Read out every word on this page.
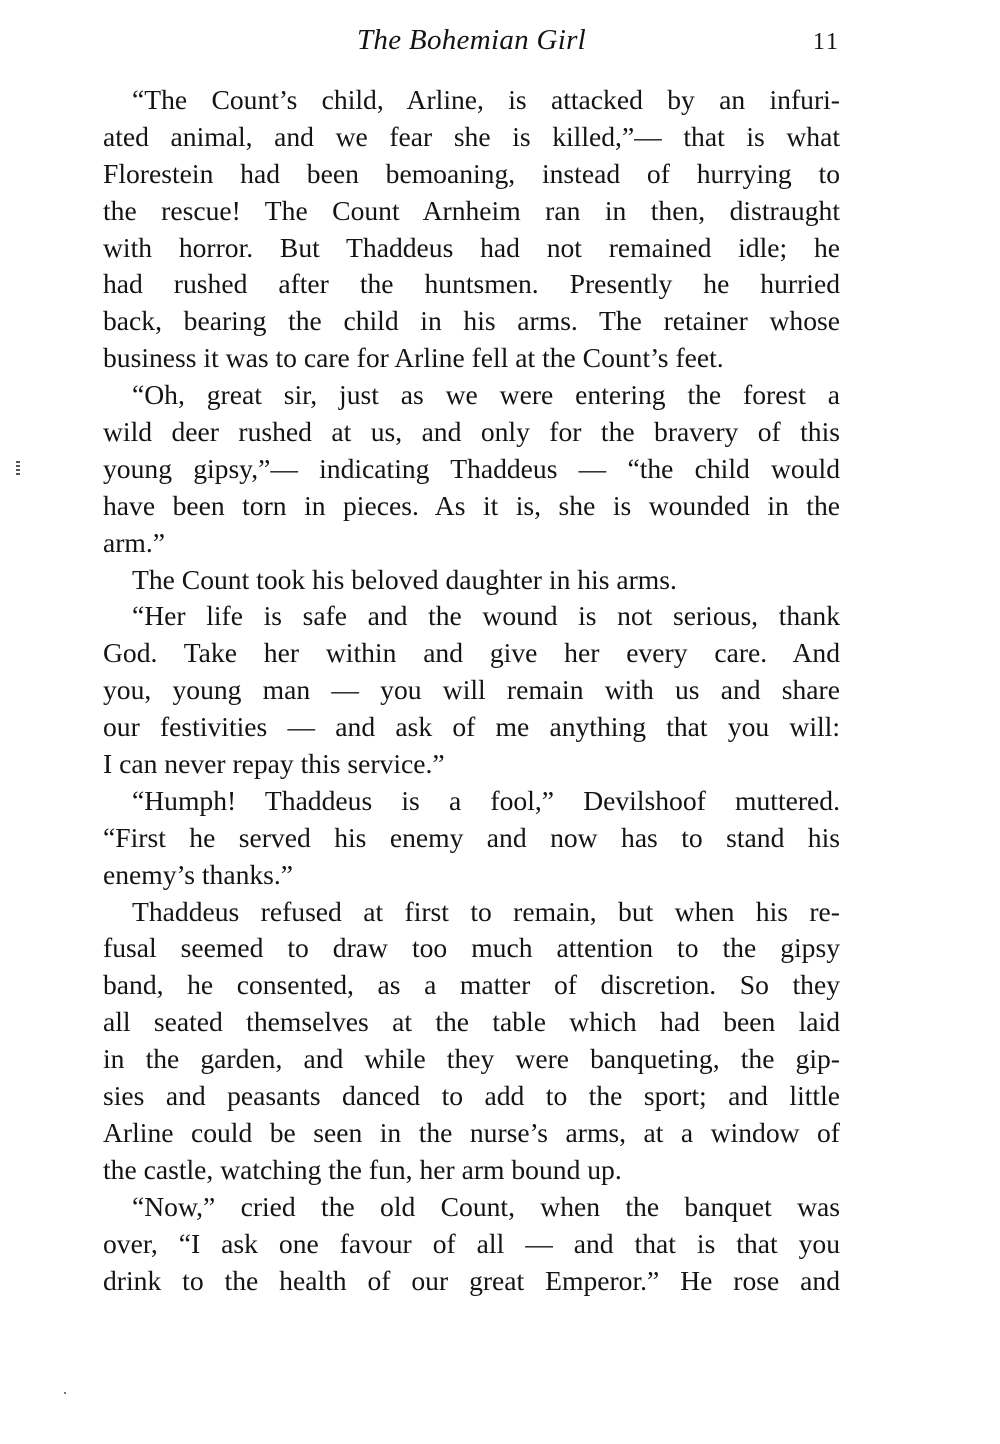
The Bohemian Girl	11

“The Count’s child, Arline, is attacked by an infuri-
ated animal, and we fear she is killed,”— that is what
Florestein had been bemoaning, instead of hurrying to
the rescue! The Count Arnheim ran in then, distraught
with horror. But Thaddeus had not remained idle; he
had rushed after the huntsmen. Presently he hurried
back, bearing the child in his arms. The retainer whose
business it was to care for Arline fell at the Count’s feet.

“Oh, great sir, just as we were entering the forest a
wild deer rushed at us, and only for the bravery of this
young gipsy,”— indicating Thaddeus — “the child would
have been torn in pieces. As it is, she is wounded in the
arm.”

The Count took his beloved daughter in his arms.

“Her life is safe and the wound is not serious, thank
God. Take her within and give her every care. And
you, young man — you will remain with us and share
our festivities — and ask of me anything that you will:
I can never repay this service.”

“Humph! Thaddeus is a fool,” Devilshoof muttered.
“First he served his enemy and now has to stand his
enemy’s thanks.”

Thaddeus refused at first to remain, but when his re-
fusal seemed to draw too much attention to the gipsy
band, he consented, as a matter of discretion. So they
all seated themselves at the table which had been laid
in the garden, and while they were banqueting, the gip-
sies and peasants danced to add to the sport; and little
Arline could be seen in the nurse’s arms, at a window of
the castle, watching the fun, her arm bound up.

“Now,” cried the old Count, when the banquet was
over, “I ask one favour of all — and that is that you
drink to the health of our great Emperor.” He rose and
